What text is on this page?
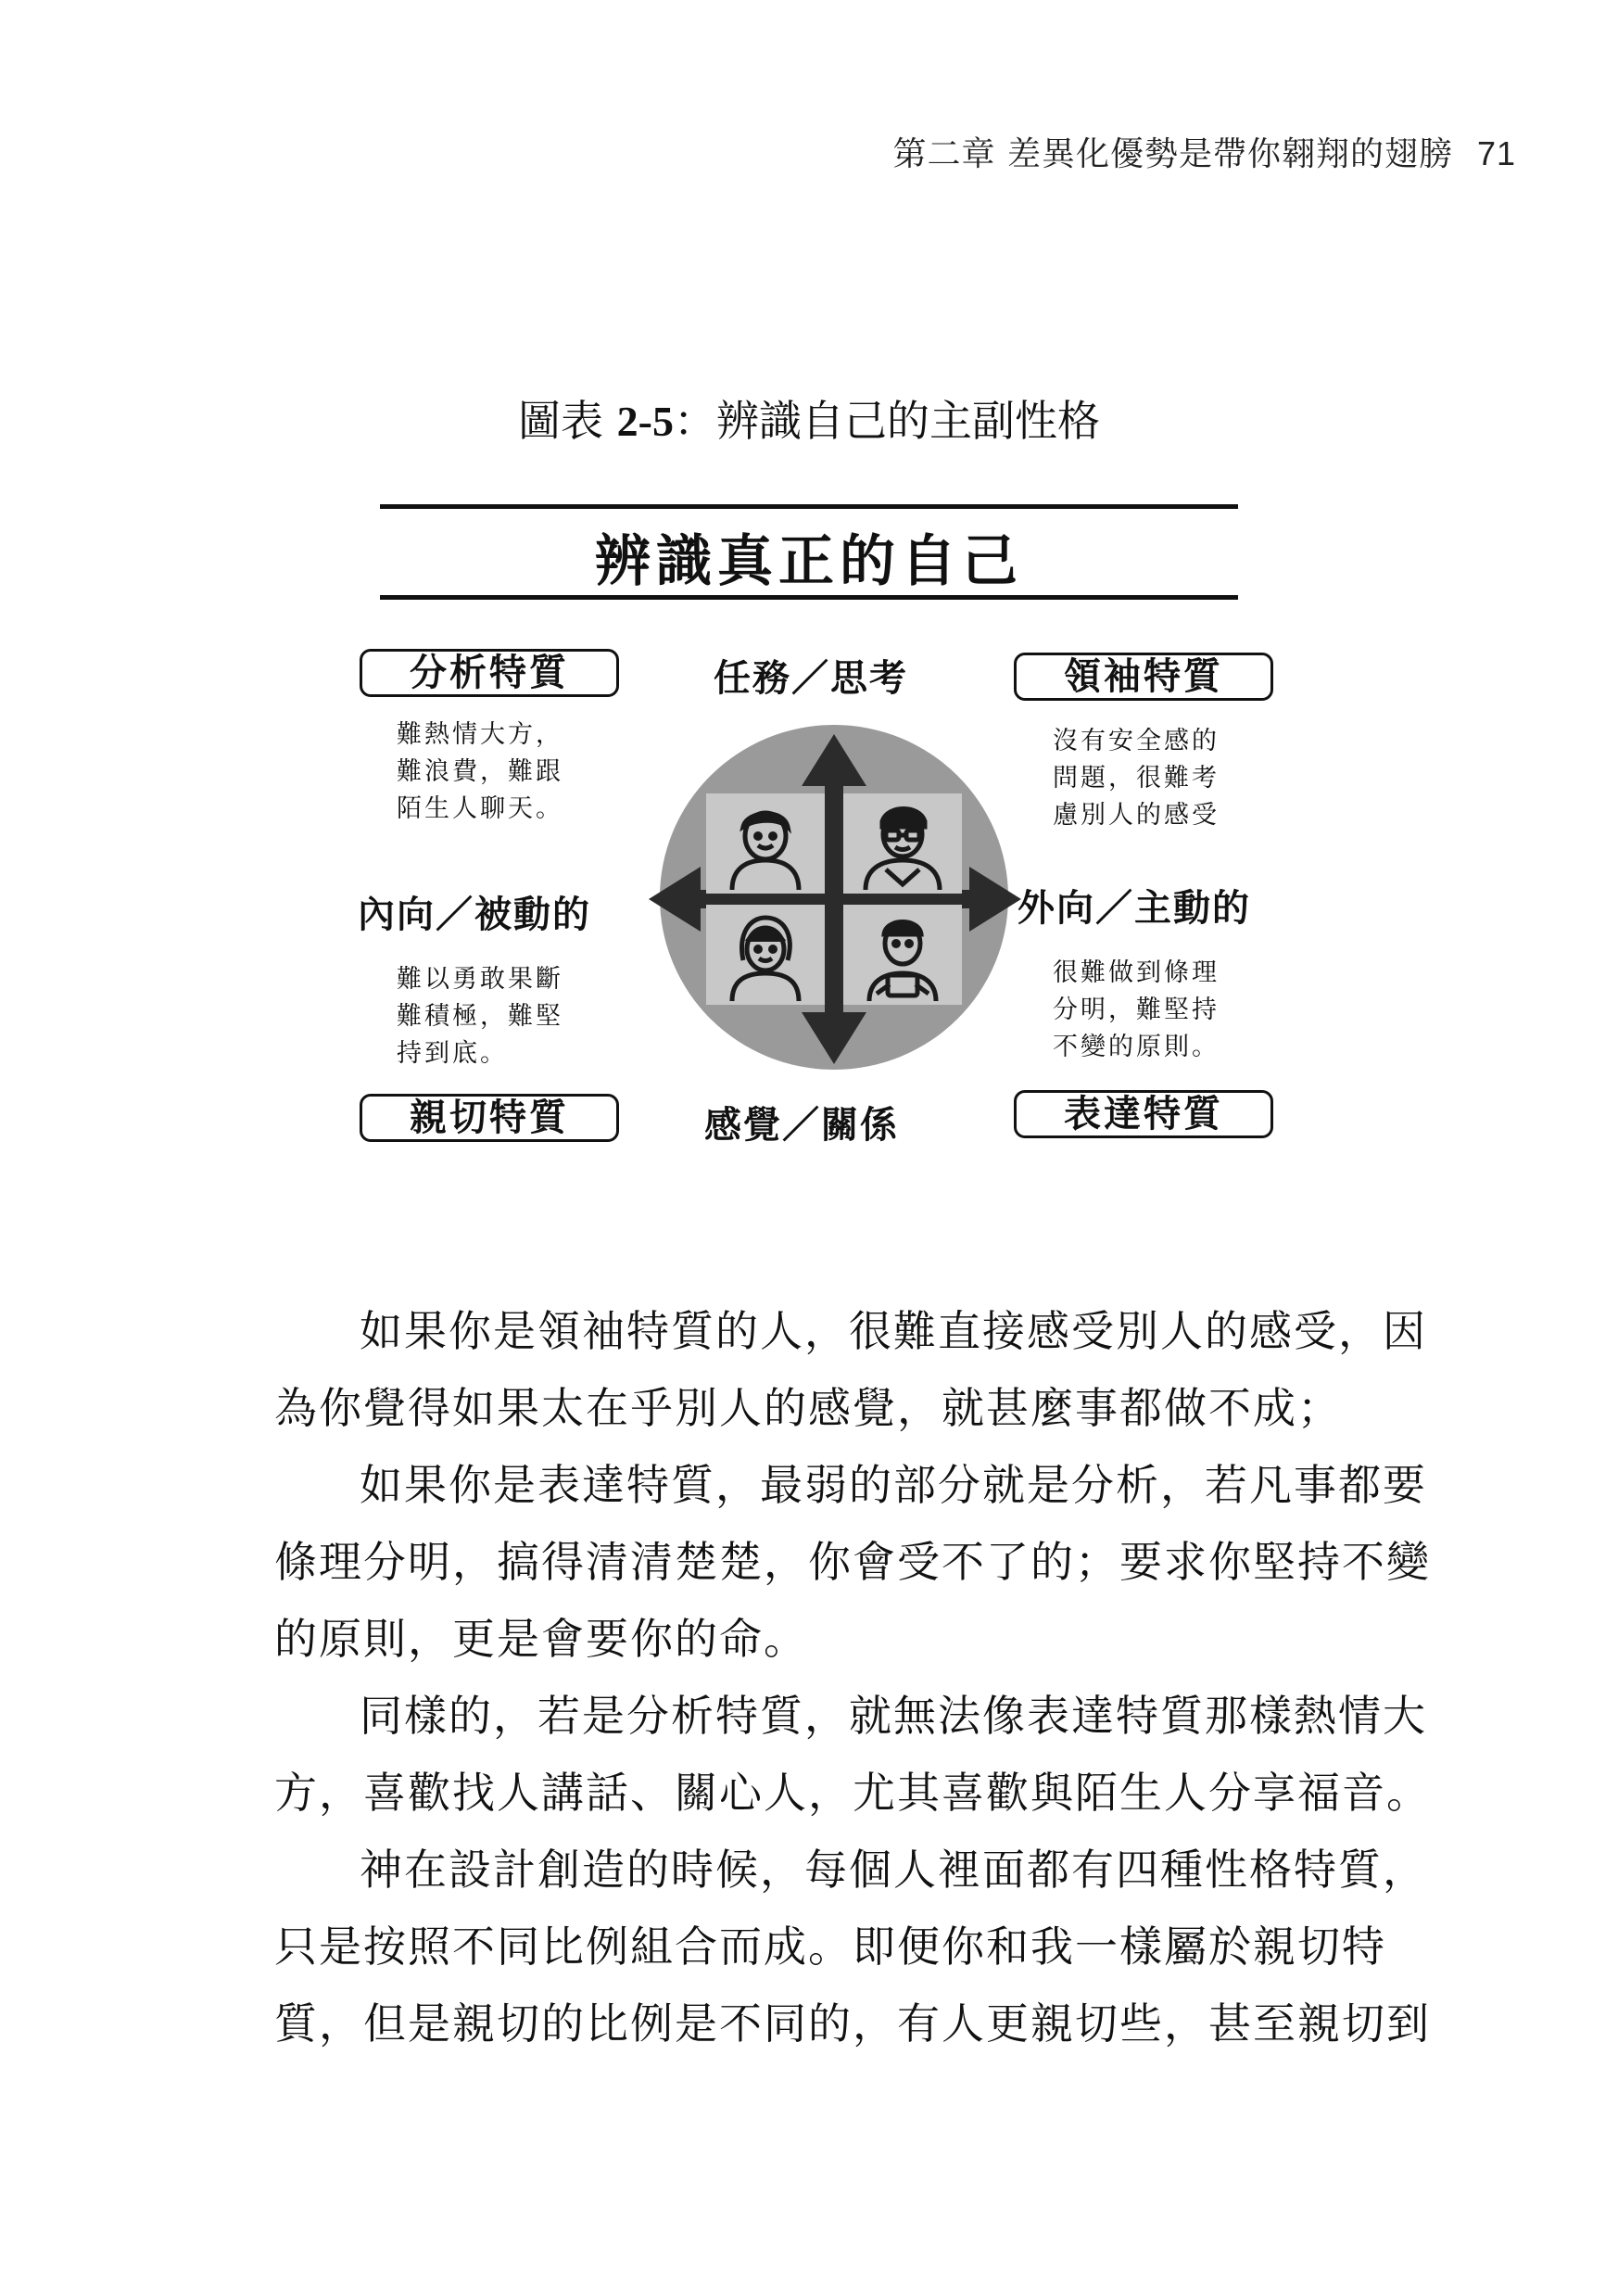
第二章 差異化優勢是帶你翱翔的翅膀 71
圖表 2-5：辨識自己的主副性格
辨識真正的自己
分析特質	領袖特質
親切特質	表達特質
任務／思考
感覺／關係
內向／被動的	外向／主動的
難熱情大方，
難浪費，難跟
陌生人聊天。
沒有安全感的
問題，很難考
慮別人的感受
難以勇敢果斷
難積極，難堅
持到底。
很難做到條理
分明，難堅持
不變的原則。
如果你是領袖特質的人，很難直接感受別人的感受，因
為你覺得如果太在乎別人的感覺，就甚麼事都做不成；
如果你是表達特質，最弱的部分就是分析，若凡事都要
條理分明，搞得清清楚楚，你會受不了的；要求你堅持不變
的原則，更是會要你的命。
同樣的，若是分析特質，就無法像表達特質那樣熱情大
方，喜歡找人講話、關心人，尤其喜歡與陌生人分享福音。
神在設計創造的時候，每個人裡面都有四種性格特質，
只是按照不同比例組合而成。即便你和我一樣屬於親切特
質，但是親切的比例是不同的，有人更親切些，甚至親切到
